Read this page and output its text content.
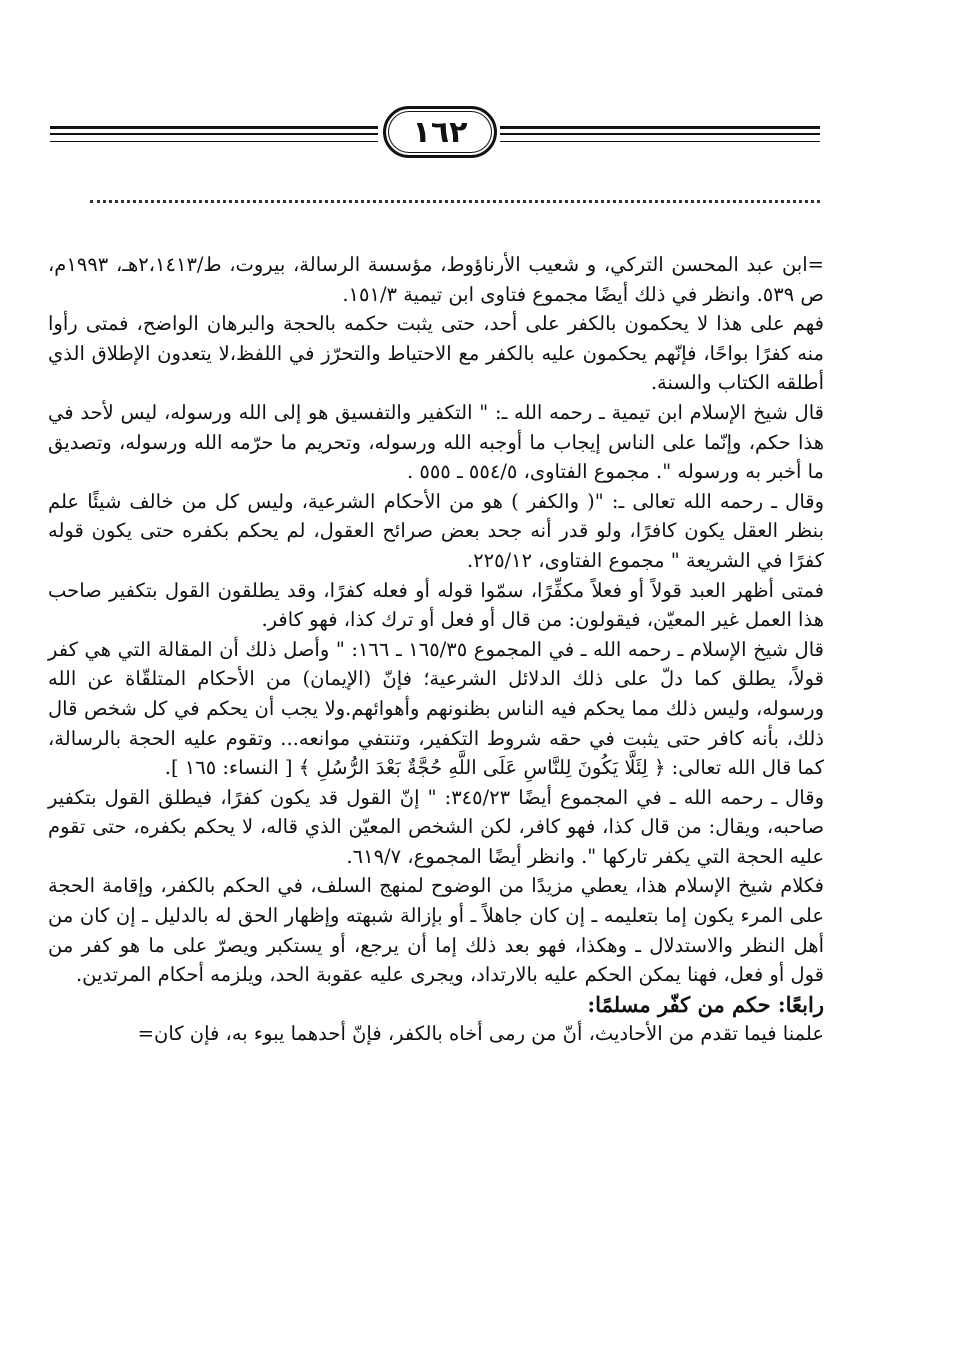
١٦٢

=ابن عبد المحسن التركي، و شعيب الأرناؤوط، مؤسسة الرسالة، بيروت، ط/٢،١٤١٣هـ، ١٩٩٣م، ص ٥٣٩. وانظر في ذلك أيضًا مجموع فتاوى ابن تيمية ١٥١/٣.

فهم على هذا لا يحكمون بالكفر على أحد، حتى يثبت حكمه بالحجة والبرهان الواضح، فمتى رأوا منه كفرًا بواحًا، فإنّهم يحكمون عليه بالكفر مع الاحتياط والتحرّز في اللفظ،لا يتعدون الإطلاق الذي أطلقه الكتاب والسنة.

قال شيخ الإسلام ابن تيمية ـ رحمه الله ـ: " التكفير والتفسيق هو إلى الله ورسوله، ليس لأحد في هذا حكم، وإنّما على الناس إيجاب ما أوجبه الله ورسوله، وتحريم ما حرّمه الله ورسوله، وتصديق ما أخبر به ورسوله ". مجموع الفتاوى، ٥٥٤/٥ ـ ٥٥٥ .

وقال ـ رحمه الله تعالى ـ: "( والكفر ) هو من الأحكام الشرعية، وليس كل من خالف شيئًا علم بنظر العقل يكون كافرًا، ولو قدر أنه جحد بعض صرائح العقول، لم يحكم بكفره حتى يكون قوله كفرًا في الشريعة " مجموع الفتاوى، ٢٢٥/١٢.

فمتى أظهر العبد قولاً أو فعلاً مكفِّرًا، سمّوا قوله أو فعله كفرًا، وقد يطلقون القول بتكفير صاحب هذا العمل غير المعيّن، فيقولون: من قال أو فعل أو ترك كذا، فهو كافر.

قال شيخ الإسلام ـ رحمه الله ـ في المجموع ١٦٥/٣٥ ـ ١٦٦: " وأصل ذلك أن المقالة التي هي كفر قولاً، يطلق كما دلّ على ذلك الدلائل الشرعية؛ فإنّ (الإيمان) من الأحكام المتلقّاة عن الله ورسوله، وليس ذلك مما يحكم فيه الناس بظنونهم وأهوائهم.ولا يجب أن يحكم في كل شخص قال ذلك، بأنه كافر حتى يثبت في حقه شروط التكفير، وتنتفي موانعه... وتقوم عليه الحجة بالرسالة، كما قال الله تعالى: ﴿ لِئَلَّا يَكُونَ لِلنَّاسِ عَلَى اللَّهِ حُجَّةٌ بَعْدَ الرُّسُلِ ﴾ [ النساء: ١٦٥ ].

وقال ـ رحمه الله ـ في المجموع أيضًا ٣٤٥/٢٣: " إنّ القول قد يكون كفرًا، فيطلق القول بتكفير صاحبه، ويقال: من قال كذا، فهو كافر، لكن الشخص المعيّن الذي قاله، لا يحكم بكفره، حتى تقوم عليه الحجة التي يكفر تاركها ". وانظر أيضًا المجموع، ٦١٩/٧.

فكلام شيخ الإسلام هذا، يعطي مزيدًا من الوضوح لمنهج السلف، في الحكم بالكفر، وإقامة الحجة على المرء يكون إما بتعليمه ـ إن كان جاهلاً ـ أو بإزالة شبهته وإظهار الحق له بالدليل ـ إن كان من أهل النظر والاستدلال ـ وهكذا، فهو بعد ذلك إما أن يرجع، أو يستكبر ويصرّ على ما هو كفر من قول أو فعل، فهنا يمكن الحكم عليه بالارتداد، ويجرى عليه عقوبة الحد، ويلزمه أحكام المرتدين.

رابعًا: حكم من كفّر مسلمًا:

علمنا فيما تقدم من الأحاديث، أنّ من رمى أخاه بالكفر، فإنّ أحدهما يبوء به، فإن كان=
